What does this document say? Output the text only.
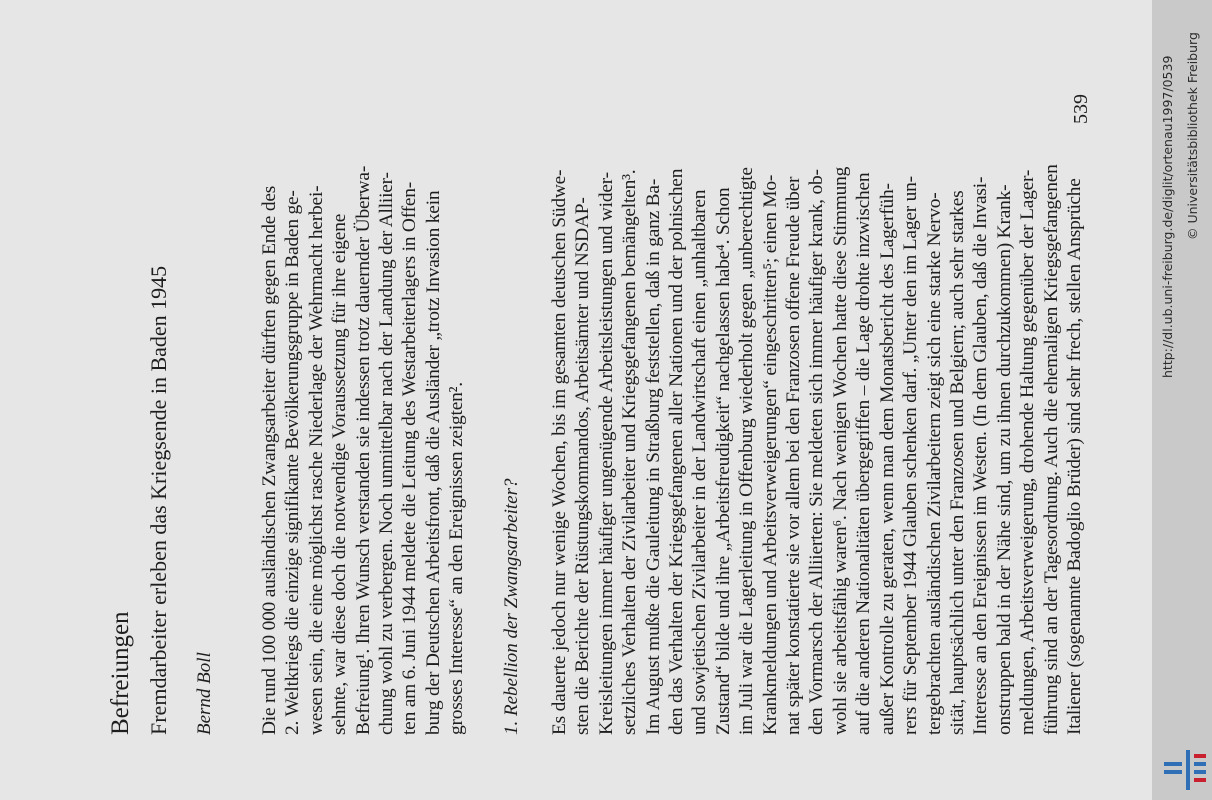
539
Befreiungen Fremdarbeiter erleben das Kriegsende in Baden 1945 Bernd Boll Die rund 100 000 ausländischen Zwangsarbeiter dürften gegen Ende des 2. Weltkriegs die einzige signifikante Bevölkerungsgruppe in Baden ge- wesen sein, die eine möglichst rasche Niederlage der Wehrmacht herbei- sehnte, war diese doch die notwendige Voraussetzung für ihre eigene Befreiung¹. Ihren Wunsch verstanden sie indessen trotz dauernder Überwa- chung wohl zu verbergen. Noch unmittelbar nach der Landung der Alliier- ten am 6. Juni 1944 meldete die Leitung des Westarbeiterlagers in Offen- burg der Deutschen Arbeitsfront, daß die Ausländer „trotz Invasion kein grosses Interesse“ an den Ereignissen zeigten². 1. Rebellion der Zwangsarbeiter? Es dauerte jedoch nur wenige Wochen, bis im gesamten deutschen Südwe- sten die Berichte der Rüstungskommandos, Arbeitsämter und NSDAP- Kreisleitungen immer häufiger ungenügende Arbeitsleistungen und wider- setzliches Verhalten der Zivilarbeiter und Kriegsgefangenen bemängelten³. Im August mußte die Gauleitung in Straßburg feststellen, daß in ganz Ba- den das Verhalten der Kriegsgefangenen aller Nationen und der polnischen und sowjetischen Zivilarbeiter in der Landwirtschaft einen „unhaltbaren Zustand“ bilde und ihre „Arbeitsfreudigkeit“ nachgelassen habe⁴. Schon im Juli war die Lagerleitung in Offenburg wiederholt gegen „unberechtigte Krankmeldungen und Arbeitsverweigerungen“ eingeschritten⁵; einen Mo- nat später konstatierte sie vor allem bei den Franzosen offene Freude über den Vormarsch der Alliierten: Sie meldeten sich immer häufiger krank, ob- wohl sie arbeitsfähig waren⁶. Nach wenigen Wochen hatte diese Stimmung auf die anderen Nationalitäten übergegriffen – die Lage drohte inzwischen außer Kontrolle zu geraten, wenn man dem Monatsbericht des Lagerfüh- rers für September 1944 Glauben schenken darf. „Unter den im Lager un- tergebrachten ausländischen Zivilarbeitern zeigt sich eine starke Nervo- sität, hauptsächlich unter den Franzosen und Belgiern; auch sehr starkes Interesse an den Ereignissen im Westen. (In dem Glauben, daß die Invasi- onstruppen bald in der Nähe sind, um zu ihnen durchzukommen) Krank- meldungen, Arbeitsverweigerung, drohende Haltung gegenüber der Lager- führung sind an der Tagesordnung. Auch die ehemaligen Kriegsgefangenen Italiener (sogenannte Badoglio Brüder) sind sehr frech, stellen Ansprüche	http://dl.ub.uni-freiburg.de/diglit/ortenau1997/0539 © Universitätsbibliothek Freiburg
